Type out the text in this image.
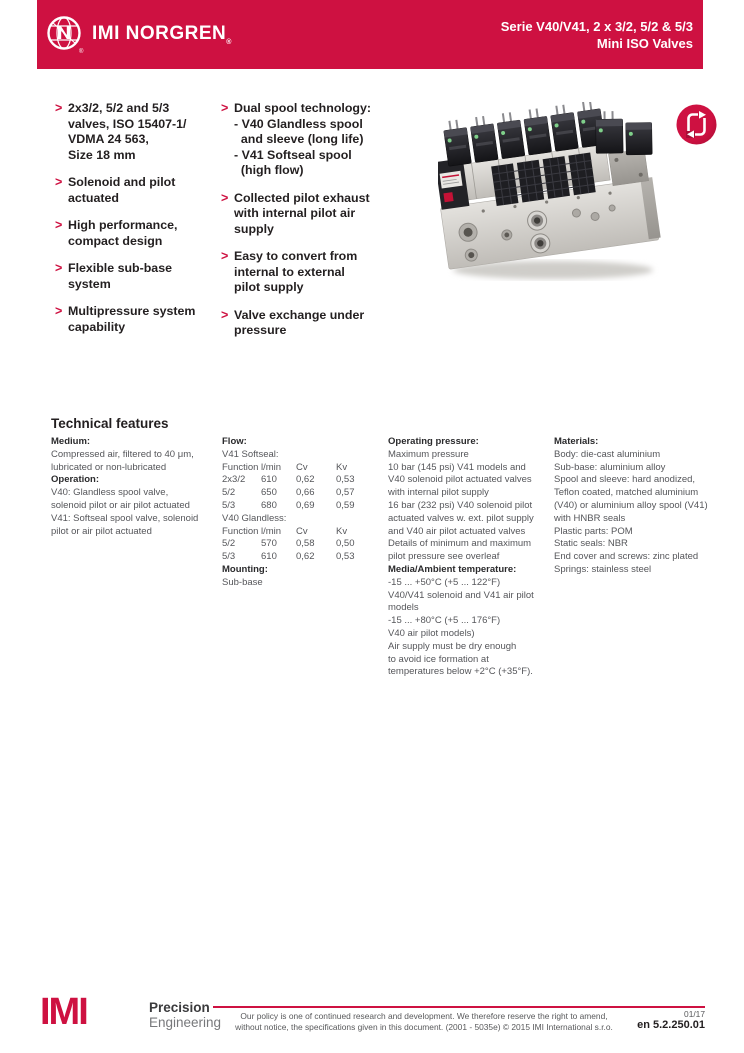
®
IMI $NORGREN_®$
Serie V40/V41, 2 x 3/2, 5/2 & 5/3
Mini ISO Valves
> 2x3/2, 5/2 and 5/3
valves, ISO 15407-1/
VDMA 24 563,
Size 18 mm
> Solenoid and pilot
actuated
> High performance,
compact design
> Flexible sub-base
system
> Multipressure system
capability
> Dual spool technology:
- V40 Glandless spool
and sleeve (long life)
- V41 Softseal spool
(high flow)
> Collected pilot exhaust
with internal pilot air
supply
> Easy to convert from
internal to external
pilot supply
> Valve exchange under
pressure
Technical features
Medium:
Compressed air, filtered to 40 μm,
lubricated or non-lubricated
Operation:
V40: Glandless spool valve,
solenoid pilot or air pilot actuated
V41: Softseal spool valve, solenoid
pilot or air pilot actuated
Flow:
V41 Softseal:
Function l/min	Cv	Kv
2x3/2	610	0,62	0,53
5/2	650	0,66	0,57
5/3	680	0,69	0,59
V40 Glandless:
Function l/min	Cv	Kv
5/2	570	0,58	0,50
5/3	610	0,62	0,53
Mounting:
Sub-base
Operating pressure:
Maximum pressure
10 bar (145 psi) V41 models and
V40 solenoid pilot actuated valves
with internal pilot supply
16 bar (232 psi) V40 solenoid pilot
actuated valves w. ext. pilot supply
and V40 air pilot actuated valves
Details of minimum and maximum
pilot pressure see overleaf
Media/Ambient temperature:
-15 ... +50°C (+5 ... 122°F)
V40/V41 solenoid and V41 air pilot
models
-15 ... +80°C (+5 ... 176°F)
V40 air pilot models)
Air supply must be dry enough
to avoid ice formation at
temperatures below +2°C (+35°F).
Materials:
Body: die-cast aluminium
Sub-base: aluminium alloy
Spool and sleeve: hard anodized,
Teflon coated, matched aluminium
(V40) or aluminium alloy spool (V41)
with HNBR seals
Plastic parts: POM
Static seals: NBR
End cover and screws: zinc plated
Springs: stainless steel
IMI	Precision
Engineering	Our policy is one of continued research and development. We therefore reserve the right to amend,
without notice, the specifications given in this document. (2001 - 5035e) © 2015 IMI International s.r.o.
01/17
en 5.2.250.01
